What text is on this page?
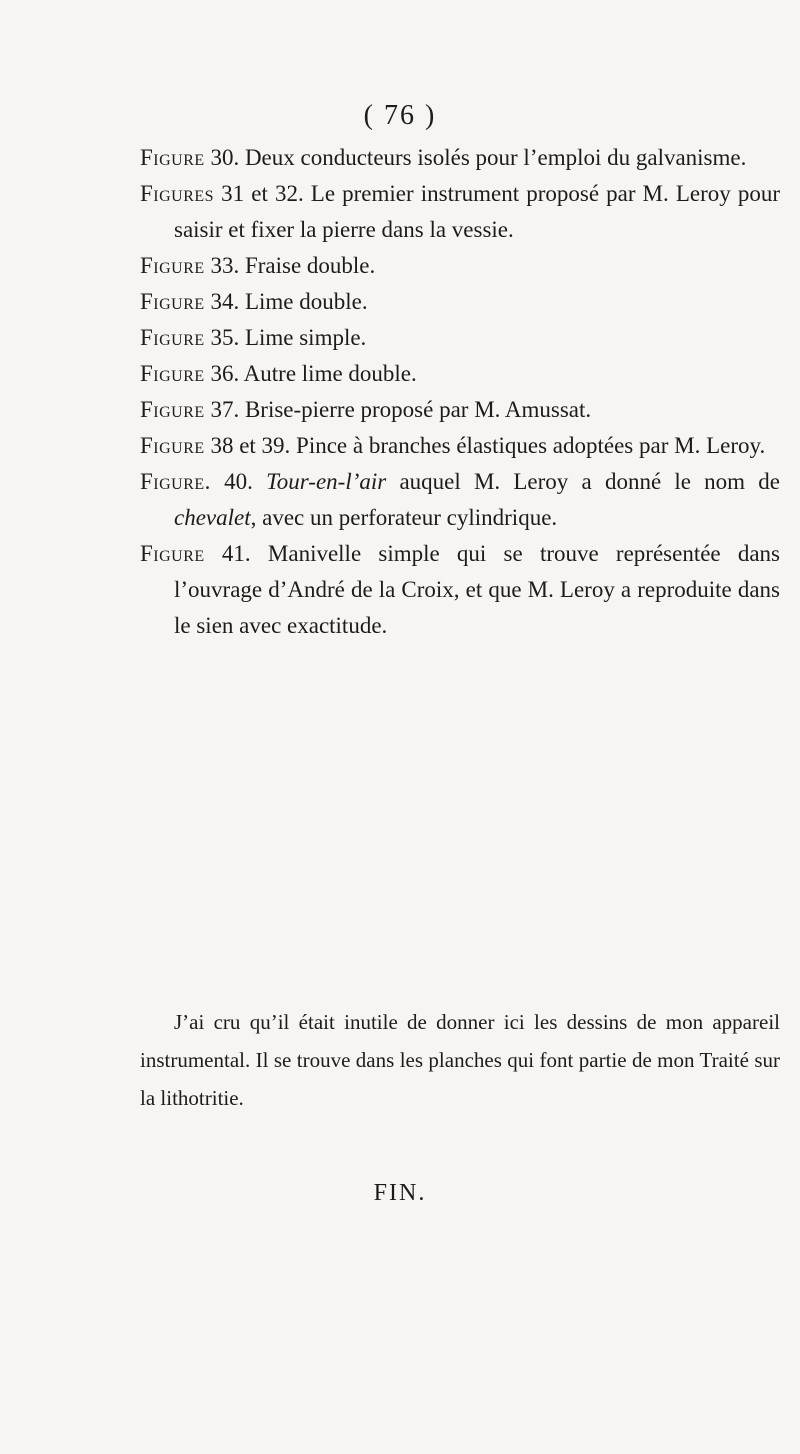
( 76 )
Figure 30. Deux conducteurs isolés pour l’emploi du galvanisme.
Figures 31 et 32. Le premier instrument proposé par M. Leroy pour saisir et fixer la pierre dans la vessie.
Figure 33. Fraise double.
Figure 34. Lime double.
Figure 35. Lime simple.
Figure 36. Autre lime double.
Figure 37. Brise-pierre proposé par M. Amussat.
Figure 38 et 39. Pince à branches élastiques adoptées par M. Leroy.
Figure. 40. Tour-en-l’air auquel M. Leroy a donné le nom de chevalet, avec un perforateur cylindrique.
Figure 41. Manivelle simple qui se trouve représentée dans l’ouvrage d’André de la Croix, et que M. Leroy a reproduite dans le sien avec exactitude.
J’ai cru qu’il était inutile de donner ici les dessins de mon appareil instrumental. Il se trouve dans les planches qui font partie de mon Traité sur la lithotritie.
FIN.
